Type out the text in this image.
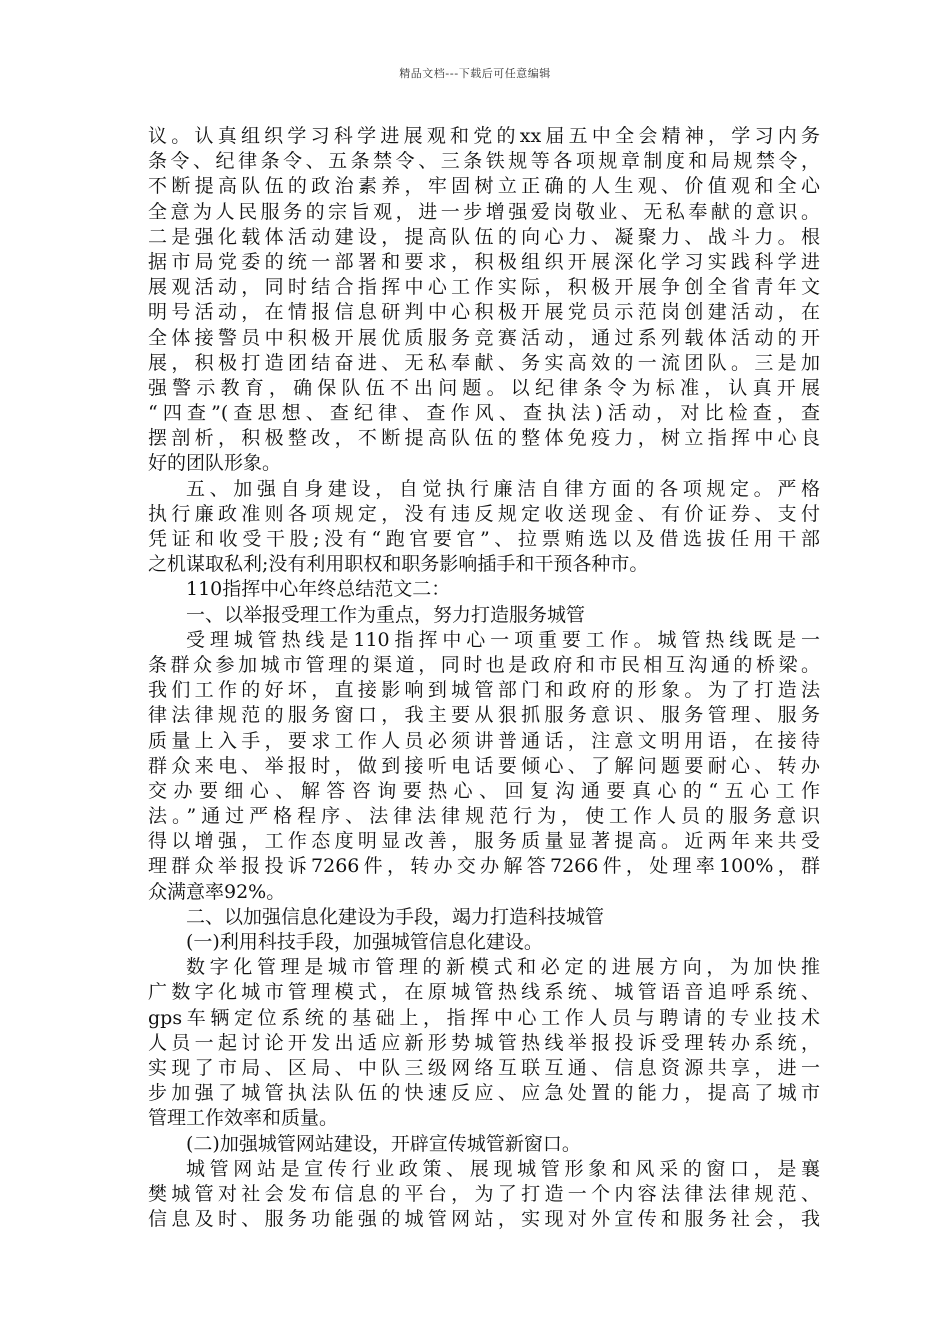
精品文档---下载后可任意编辑
议。认真组织学习科学进展观和党的xx届五中全会精神，学习内务
条令、纪律条令、五条禁令、三条铁规等各项规章制度和局规禁令，
不断提高队伍的政治素养，牢固树立正确的人生观、价值观和全心
全意为人民服务的宗旨观，进一步增强爱岗敬业、无私奉献的意识。
二是强化载体活动建设，提高队伍的向心力、凝聚力、战斗力。根
据市局党委的统一部署和要求，积极组织开展深化学习实践科学进
展观活动，同时结合指挥中心工作实际，积极开展争创全省青年文
明号活动，在情报信息研判中心积极开展党员示范岗创建活动，在
全体接警员中积极开展优质服务竞赛活动，通过系列载体活动的开
展，积极打造团结奋进、无私奉献、务实高效的一流团队。三是加
强警示教育，确保队伍不出问题。以纪律条令为标准，认真开展
“四查”(查思想、查纪律、查作风、查执法)活动，对比检查，查
摆剖析，积极整改，不断提高队伍的整体免疫力，树立指挥中心良
好的团队形象。
五、加强自身建设，自觉执行廉洁自律方面的各项规定。严格
执行廉政准则各项规定，没有违反规定收送现金、有价证券、支付
凭证和收受干股;没有“跑官要官”、拉票贿选以及借选拔任用干部
之机谋取私利;没有利用职权和职务影响插手和干预各种市。
110指挥中心年终总结范文二：
一、以举报受理工作为重点，努力打造服务城管
受理城管热线是110指挥中心一项重要工作。城管热线既是一
条群众参加城市管理的渠道，同时也是政府和市民相互沟通的桥梁。
我们工作的好坏，直接影响到城管部门和政府的形象。为了打造法
律法律规范的服务窗口，我主要从狠抓服务意识、服务管理、服务
质量上入手，要求工作人员必须讲普通话，注意文明用语，在接待
群众来电、举报时，做到接听电话要倾心、了解问题要耐心、转办
交办要细心、解答咨询要热心、回复沟通要真心的“五心工作
法。”通过严格程序、法律法律规范行为，使工作人员的服务意识
得以增强，工作态度明显改善，服务质量显著提高。近两年来共受
理群众举报投诉7266件，转办交办解答7266件，处理率100%，群
众满意率92%。
二、以加强信息化建设为手段，竭力打造科技城管
(一)利用科技手段，加强城管信息化建设。
数字化管理是城市管理的新模式和必定的进展方向，为加快推
广数字化城市管理模式，在原城管热线系统、城管语音追呼系统、
gps车辆定位系统的基础上，指挥中心工作人员与聘请的专业技术
人员一起讨论开发出适应新形势城管热线举报投诉受理转办系统，
实现了市局、区局、中队三级网络互联互通、信息资源共享，进一
步加强了城管执法队伍的快速反应、应急处置的能力，提高了城市
管理工作效率和质量。
(二)加强城管网站建设，开辟宣传城管新窗口。
城管网站是宣传行业政策、展现城管形象和风采的窗口，是襄
樊城管对社会发布信息的平台，为了打造一个内容法律法律规范、
信息及时、服务功能强的城管网站，实现对外宣传和服务社会，我
